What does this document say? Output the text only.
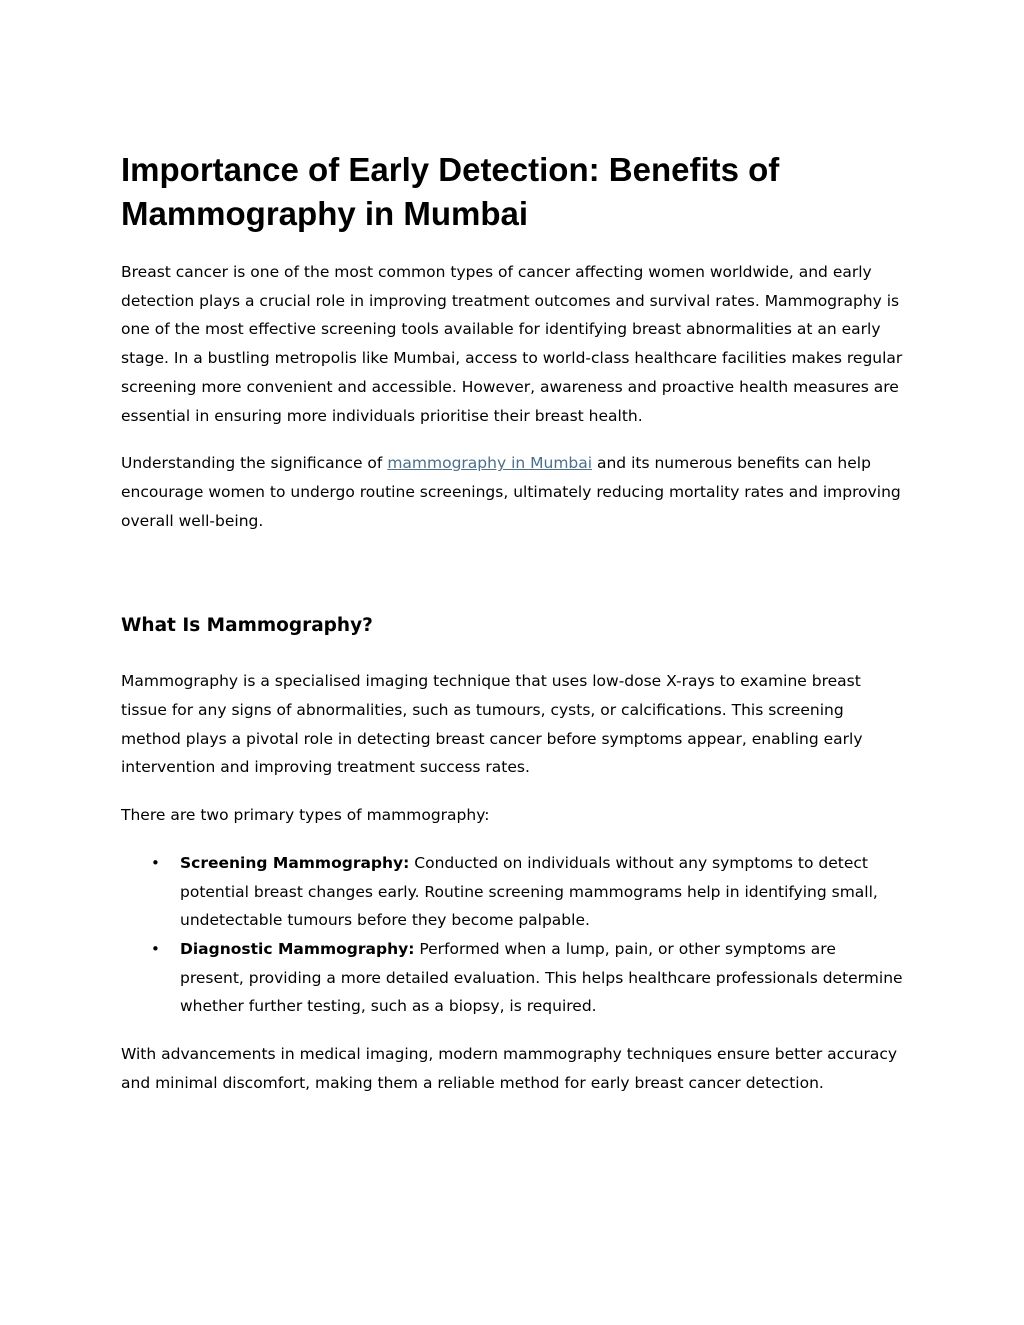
Importance of Early Detection: Benefits of Mammography in Mumbai

Breast cancer is one of the most common types of cancer affecting women worldwide, and early detection plays a crucial role in improving treatment outcomes and survival rates. Mammography is one of the most effective screening tools available for identifying breast abnormalities at an early stage. In a bustling metropolis like Mumbai, access to world-class healthcare facilities makes regular screening more convenient and accessible. However, awareness and proactive health measures are essential in ensuring more individuals prioritise their breast health.

Understanding the significance of mammography in Mumbai and its numerous benefits can help encourage women to undergo routine screenings, ultimately reducing mortality rates and improving overall well-being.

What Is Mammography?

Mammography is a specialised imaging technique that uses low-dose X-rays to examine breast tissue for any signs of abnormalities, such as tumours, cysts, or calcifications. This screening method plays a pivotal role in detecting breast cancer before symptoms appear, enabling early intervention and improving treatment success rates.

There are two primary types of mammography:

• Screening Mammography: Conducted on individuals without any symptoms to detect potential breast changes early. Routine screening mammograms help in identifying small, undetectable tumours before they become palpable.
• Diagnostic Mammography: Performed when a lump, pain, or other symptoms are present, providing a more detailed evaluation. This helps healthcare professionals determine whether further testing, such as a biopsy, is required.

With advancements in medical imaging, modern mammography techniques ensure better accuracy and minimal discomfort, making them a reliable method for early breast cancer detection.
